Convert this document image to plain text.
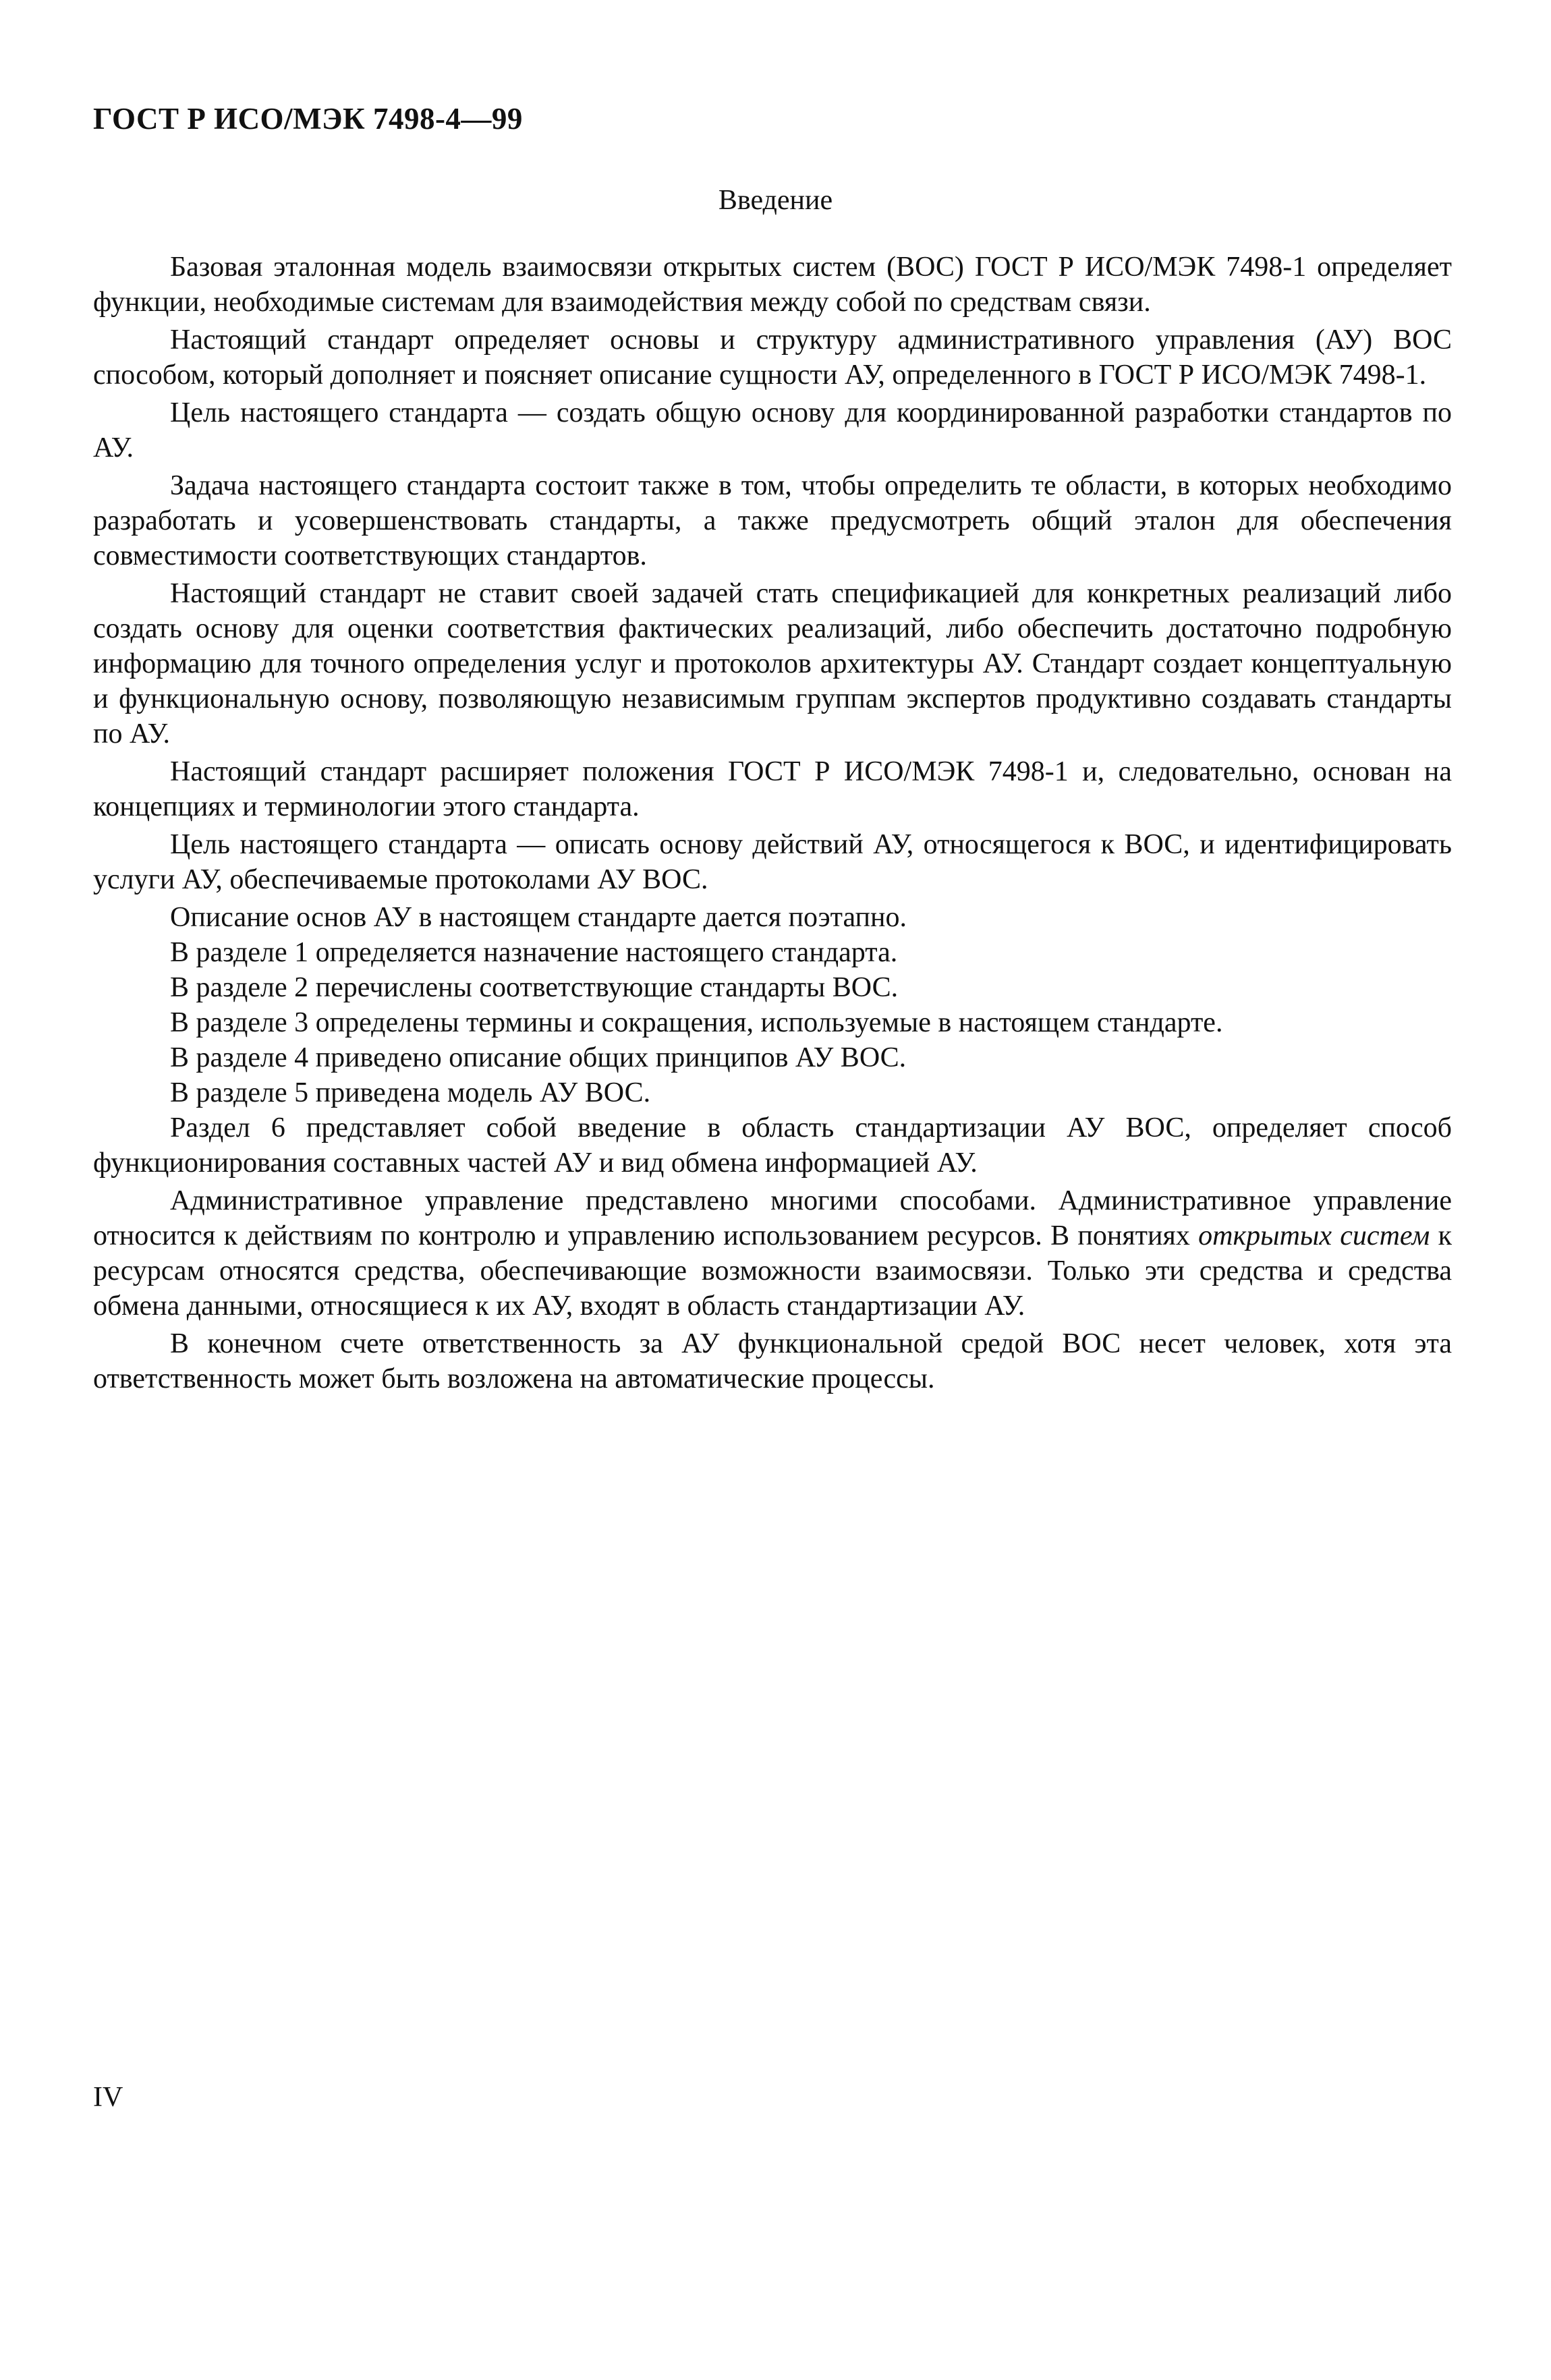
ГОСТ Р ИСО/МЭК 7498-4—99
Введение

Базовая эталонная модель взаимосвязи открытых систем (ВОС) ГОСТ Р ИСО/МЭК 7498-1 определяет функции, необходимые системам для взаимодействия между собой по средствам связи.

Настоящий стандарт определяет основы и структуру административного управления (АУ) ВОС способом, который дополняет и поясняет описание сущности АУ, определенного в ГОСТ Р ИСО/МЭК 7498-1.

Цель настоящего стандарта — создать общую основу для координированной разработки стандартов по АУ.

Задача настоящего стандарта состоит также в том, чтобы определить те области, в которых необходимо разработать и усовершенствовать стандарты, а также предусмотреть общий эталон для обеспечения совместимости соответствующих стандартов.

Настоящий стандарт не ставит своей задачей стать спецификацией для конкретных реализаций либо создать основу для оценки соответствия фактических реализаций, либо обеспечить достаточно подробную информацию для точного определения услуг и протоколов архитектуры АУ. Стандарт создает концептуальную и функциональную основу, позволяющую независимым группам экспертов продуктивно создавать стандарты по АУ.

Настоящий стандарт расширяет положения ГОСТ Р ИСО/МЭК 7498-1 и, следовательно, основан на концепциях и терминологии этого стандарта.

Цель настоящего стандарта — описать основу действий АУ, относящегося к ВОС, и идентифицировать услуги АУ, обеспечиваемые протоколами АУ ВОС.

Описание основ АУ в настоящем стандарте дается поэтапно.

В разделе 1 определяется назначение настоящего стандарта.

В разделе 2 перечислены соответствующие стандарты ВОС.

В разделе 3 определены термины и сокращения, используемые в настоящем стандарте.

В разделе 4 приведено описание общих принципов АУ ВОС.

В разделе 5 приведена модель АУ ВОС.

Раздел 6 представляет собой введение в область стандартизации АУ ВОС, определяет способ функционирования составных частей АУ и вид обмена информацией АУ.

Административное управление представлено многими способами. Административное управление относится к действиям по контролю и управлению использованием ресурсов. В понятиях открытых систем к ресурсам относятся средства, обеспечивающие возможности взаимосвязи. Только эти средства и средства обмена данными, относящиеся к их АУ, входят в область стандартизации АУ.

В конечном счете ответственность за АУ функциональной средой ВОС несет человек, хотя эта ответственность может быть возложена на автоматические процессы.

IV
